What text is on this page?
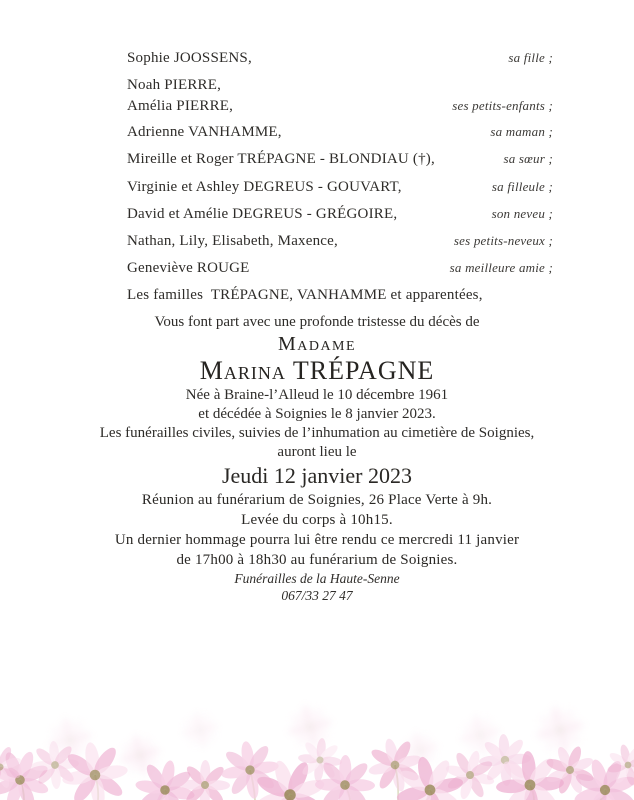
Sophie JOOSSENS,	sa fille ;
Noah PIERRE,
Amélia PIERRE,	ses petits-enfants ;
Adrienne VANHAMME,	sa maman ;
Mireille et Roger TRÉPAGNE - BLONDIAU (†),	sa sœur ;
Virginie et Ashley DEGREUS - GOUVART,	sa filleule ;
David et Amélie DEGREUS - GRÉGOIRE,	son neveu ;
Nathan, Lily, Elisabeth, Maxence,	ses petits-neveux ;
Geneviève ROUGE	sa meilleure amie ;
Les familles  TRÉPAGNE, VANHAMME et apparentées,

Vous font part avec une profonde tristesse du décès de

Madame
Marina TRÉPAGNE

Née à Braine-l’Alleud le 10 décembre 1961

et décédée à Soignies le 8 janvier 2023.

Les funérailles civiles, suivies de l’inhumation au cimetière de Soignies,

auront lieu le

Jeudi 12 janvier 2023

Réunion au funérarium de Soignies, 26 Place Verte à 9h.

Levée du corps à 10h15.

Un dernier hommage pourra lui être rendu ce mercredi 11 janvier

de 17h00 à 18h30 au funérarium de Soignies.

Funérailles de la Haute-Senne

067/33 27 47
